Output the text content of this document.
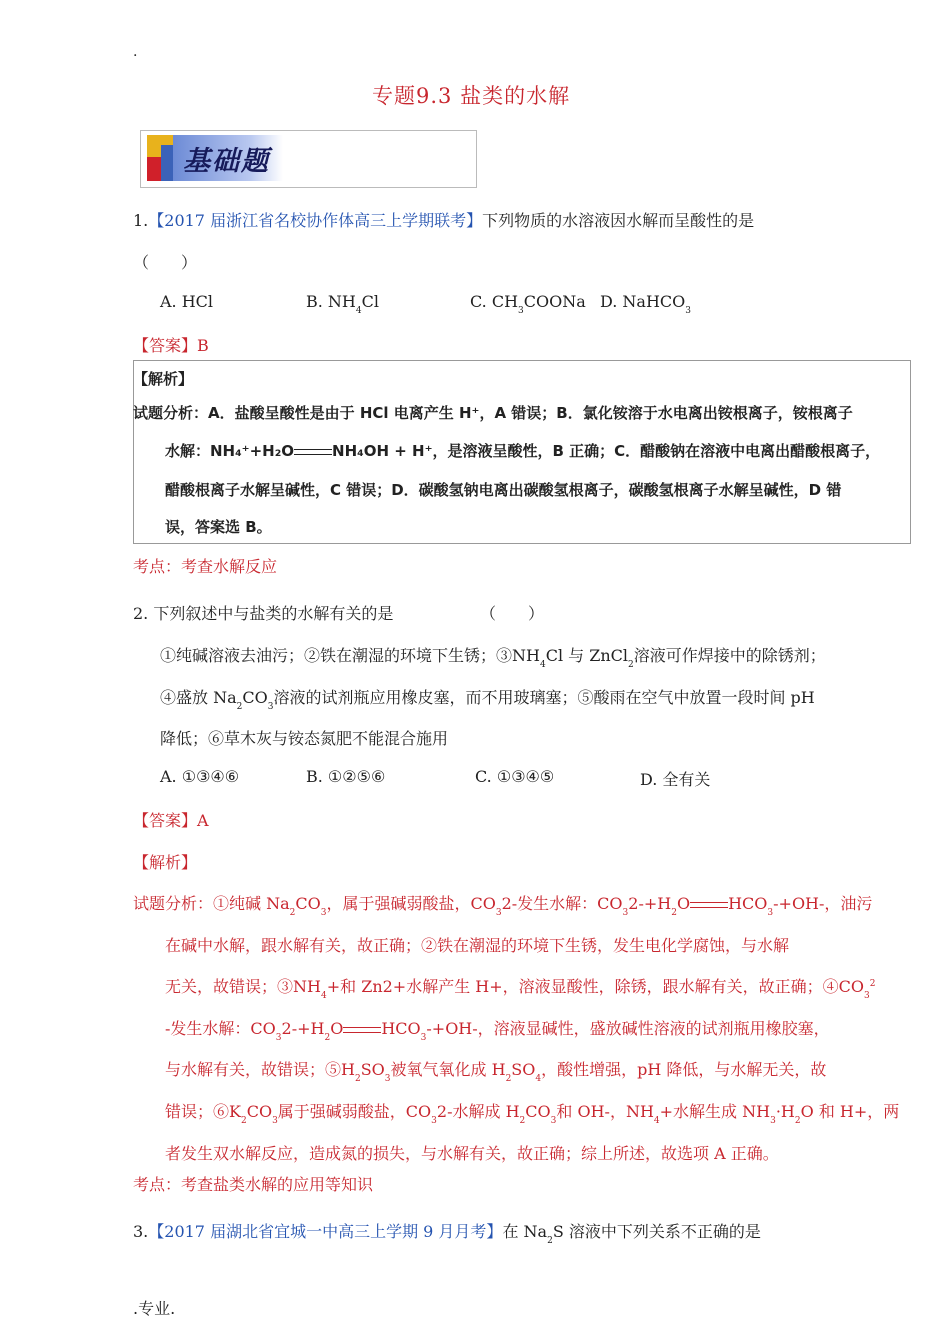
.
专题9.3 盐类的水解
基础题
1.【2017 届浙江省名校协作体高三上学期联考】下列物质的水溶液因水解而呈酸性的是
（　　）
A. HCl	B. $NH_4Cl$	C. $CH_3COONa$ D. NaHCO$_3$
【答案】B
【解析】
试题分析：A．盐酸呈酸性是由于 HCl 电离产生 H⁺，A 错误；B．氯化铵溶于水电离出铵根离子，铵根离子
水解：NH₄⁺+H₂O	NH₄OH + H⁺，是溶液呈酸性，B 正确；C．醋酸钠在溶液中电离出醋酸根离子，
醋酸根离子水解呈碱性，C 错误；D．碳酸氢钠电离出碳酸氢根离子，碳酸氢根离子水解呈碱性，D 错
误，答案选 B。
考点：考查水解反应
2. 下列叙述中与盐类的水解有关的是	（　　）
①纯碱溶液去油污；②铁在潮湿的环境下生锈；$③NH_4Cl$ 与 ZnCl$_2$溶液可作焊接中的除锈剂；
④盛放 $Na_2CO_3$溶液的试剂瓶应用橡皮塞，而不用玻璃塞；⑤酸雨在空气中放置一段时间 pH
降低；⑥草木灰与铵态氮肥不能混合施用
A. ①③④⑥	B. ①②⑤⑥	C. ①③④⑤	D. 全有关
【答案】A
【解析】
试题分析：①纯碱 $Na_2CO_3$，属于强碱弱酸盐，$CO_32-$发生水解：$CO_32-+H_2O$ $HCO_3-+OH-$，油污
在碱中水解，跟水解有关，故正确；②铁在潮湿的环境下生锈，发生电化学腐蚀，与水解
无关，故错误；$③NH_4+$和 Zn2+水解产生 H+，溶液显酸性，除锈，跟水解有关，故正确；$④CO_3^2$
-发生水解：$CO_32-+H_2O$ $HCO_3-+OH-$，溶液显碱性，盛放碱性溶液的试剂瓶用橡胶塞，
与水解有关，故错误；$⑤H_2SO_3$被氧气氧化成 $H_2SO_4$，酸性增强，pH 降低，与水解无关，故
错误；$⑥K_2CO_3$属于强碱弱酸盐，$CO_32-$水解成 $H_2CO_3$和 OH-，$NH_4+$水解生成 $NH_3\cdot H_2O$ 和 H+，两
者发生双水解反应，造成氮的损失，与水解有关，故正确；综上所述，故选项 A 正确。
考点：考查盐类水解的应用等知识
3.【2017 届湖北省宜城一中高三上学期 9 月月考】在 $Na_2S$ 溶液中下列关系不正确的是
.专业.
